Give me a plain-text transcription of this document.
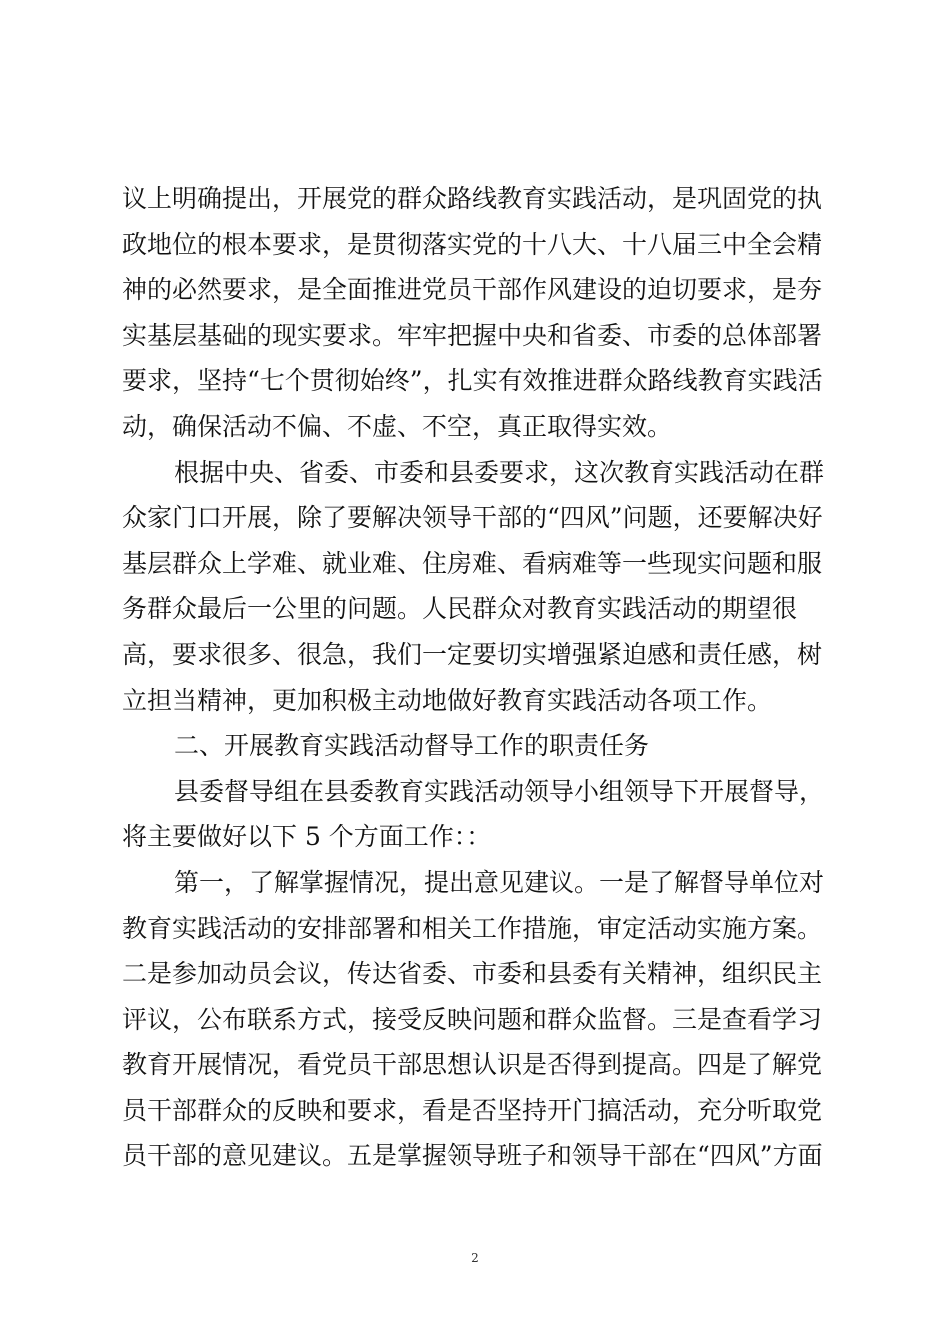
议上明确提出，开展党的群众路线教育实践活动，是巩固党的执
政地位的根本要求，是贯彻落实党的十八大、十八届三中全会精
神的必然要求，是全面推进党员干部作风建设的迫切要求，是夯
实基层基础的现实要求。牢牢把握中央和省委、市委的总体部署
要求，坚持“七个贯彻始终”，扎实有效推进群众路线教育实践活
动，确保活动不偏、不虚、不空，真正取得实效。
根据中央、省委、市委和县委要求，这次教育实践活动在群
众家门口开展，除了要解决领导干部的“四风”问题，还要解决好
基层群众上学难、就业难、住房难、看病难等一些现实问题和服
务群众最后一公里的问题。人民群众对教育实践活动的期望很
高，要求很多、很急，我们一定要切实增强紧迫感和责任感，树
立担当精神，更加积极主动地做好教育实践活动各项工作。
二、开展教育实践活动督导工作的职责任务
县委督导组在县委教育实践活动领导小组领导下开展督导，
将主要做好以下 5 个方面工作：：
第一，了解掌握情况，提出意见建议。一是了解督导单位对
教育实践活动的安排部署和相关工作措施，审定活动实施方案。
二是参加动员会议，传达省委、市委和县委有关精神，组织民主
评议，公布联系方式，接受反映问题和群众监督。三是查看学习
教育开展情况，看党员干部思想认识是否得到提高。四是了解党
员干部群众的反映和要求，看是否坚持开门搞活动，充分听取党
员干部的意见建议。五是掌握领导班子和领导干部在“四风”方面
2
